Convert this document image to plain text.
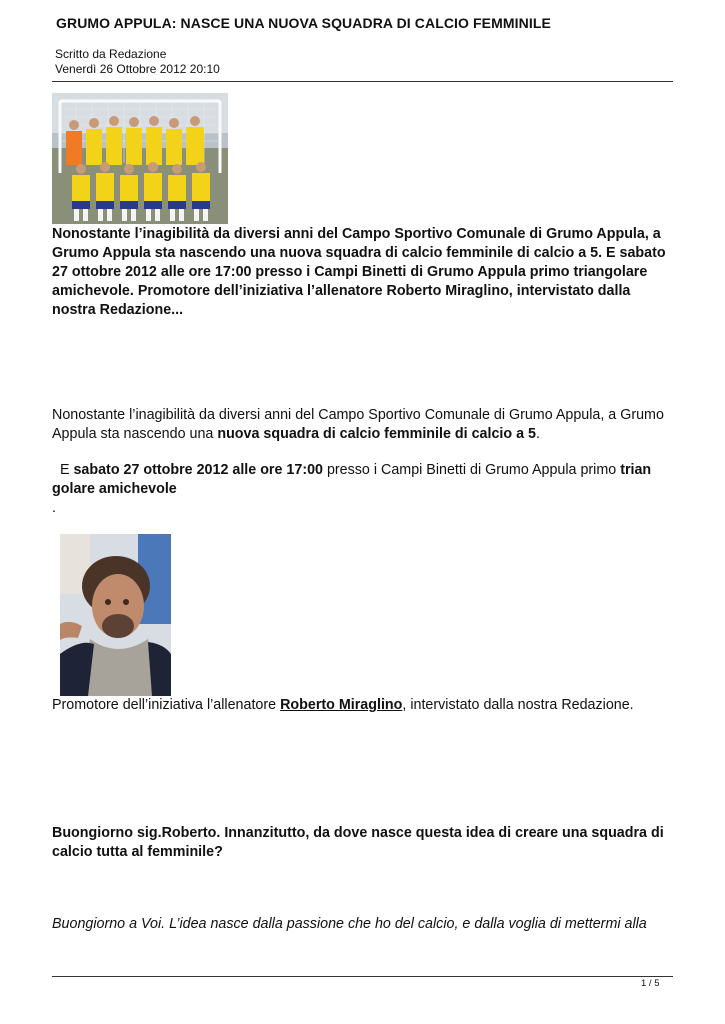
GRUMO APPULA: NASCE UNA NUOVA SQUADRA DI CALCIO FEMMINILE
Scritto da Redazione
Venerdì 26 Ottobre 2012 20:10
Nonostante l’inagibilità da diversi anni del Campo Sportivo Comunale di Grumo Appula, a Grumo Appula sta nascendo una nuova squadra di calcio femminile di calcio a 5. E sabato 27 ottobre 2012 alle ore 17:00 presso i Campi Binetti di Grumo Appula primo triangolare amichevole. Promotore dell’iniziativa l’allenatore Roberto Miraglino, intervistato dalla nostra Redazione...
Nonostante l’inagibilità da diversi anni del Campo Sportivo Comunale di Grumo Appula, a Grumo Appula sta nascendo una nuova squadra di calcio femminile di calcio a 5.
E sabato 27 ottobre 2012 alle ore 17:00 presso i Campi Binetti di Grumo Appula primo trian golare amichevole
.
Promotore dell’iniziativa l’allenatore Roberto Miraglino, intervistato dalla nostra Redazione.
Buongiorno sig.Roberto. Innanzitutto, da dove nasce questa idea di creare una squadra di calcio tutta al femminile?
Buongiorno a Voi. L’idea nasce dalla passione che ho del calcio, e dalla voglia di mettermi alla
1 / 5
